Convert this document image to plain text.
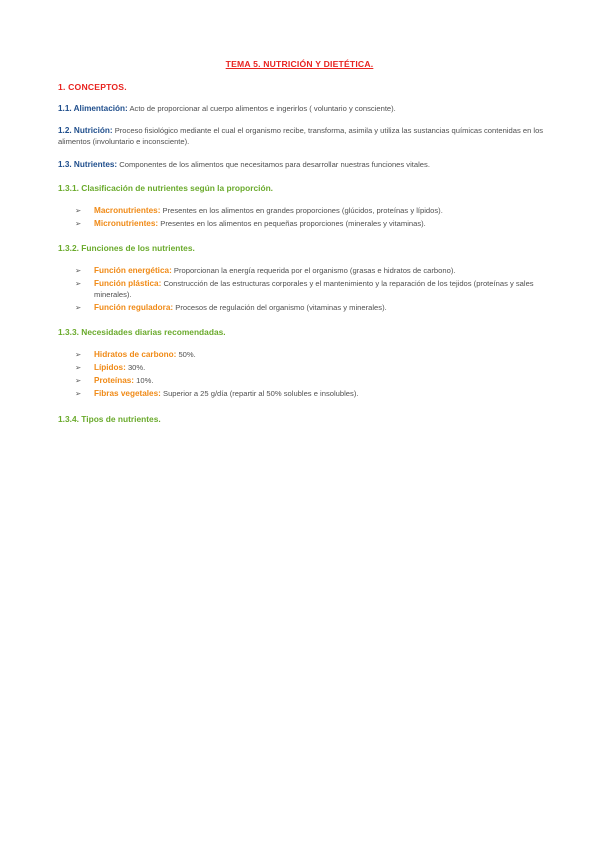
TEMA 5. NUTRICIÓN Y DIETÉTICA.
1. CONCEPTOS.
1.1. Alimentación: Acto de proporcionar al cuerpo alimentos e ingerirlos ( voluntario y consciente).
1.2. Nutrición: Proceso fisiológico mediante el cual el organismo recibe, transforma, asimila y utiliza las sustancias químicas contenidas en los alimentos (involuntario e inconsciente).
1.3. Nutrientes: Componentes de los alimentos que necesitamos para desarrollar nuestras funciones vitales.
1.3.1. Clasificación de nutrientes según la proporción.
➢ Macronutrientes: Presentes en los alimentos en grandes proporciones (glúcidos, proteínas y lípidos).
➢ Micronutrientes: Presentes en los alimentos en pequeñas proporciones (minerales y vitaminas).
1.3.2. Funciones de los nutrientes.
➢ Función energética: Proporcionan la energía requerida por el organismo (grasas e hidratos de carbono).
➢ Función plástica: Construcción de las estructuras corporales y el mantenimiento y la reparación de los tejidos (proteínas y sales minerales).
➢ Función reguladora: Procesos de regulación del organismo (vitaminas y minerales).
1.3.3. Necesidades diarias recomendadas.
➢ Hidratos de carbono: 50%.
➢ Lípidos: 30%.
➢ Proteínas: 10%.
➢ Fibras vegetales: Superior a 25 g/día (repartir al 50% solubles e insolubles).
1.3.4. Tipos de nutrientes.
